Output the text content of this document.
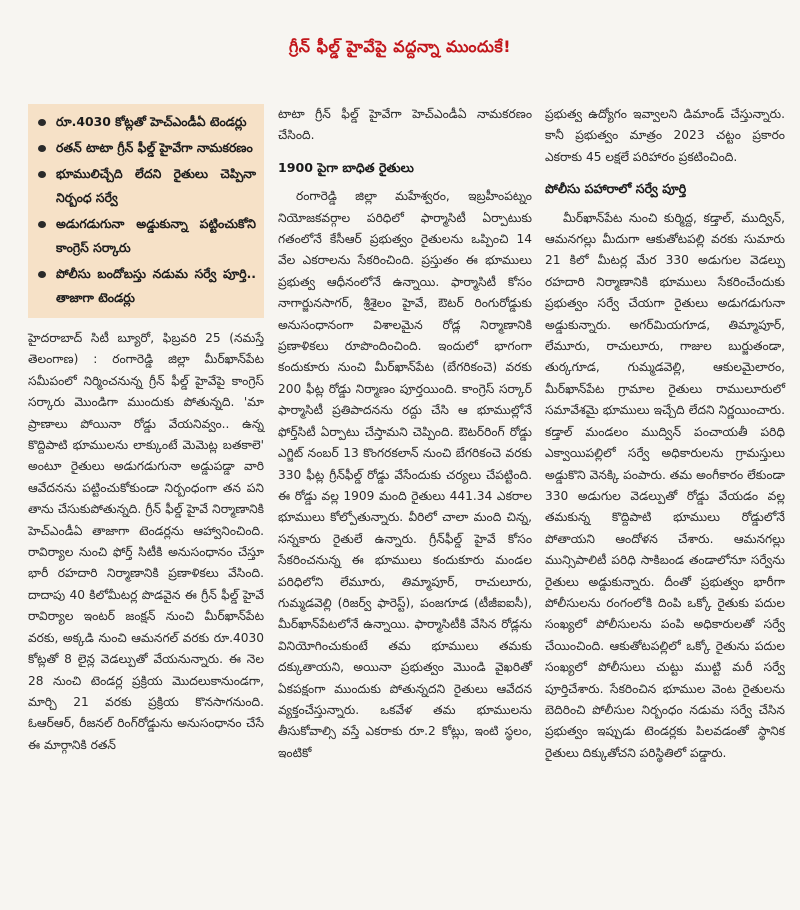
గ్రీన్ ఫీల్డ్ హైవేపై వద్దన్నా ముందుకే!
రూ.4030 కోట్లతో హెచ్ఎండీఏ టెండర్లు
రతన్ టాటా గ్రీన్ ఫీల్డ్ హైవేగా నామకరణం
భూములిచ్చేది లేదని రైతులు చెప్పినా నిర్బంధ సర్వే
అడుగడుగునా అడ్డుకున్నా పట్టించుకోని కాంగ్రెస్ సర్కారు
పోలీసు బందోబస్తు నడుమ సర్వే పూర్తి.. తాజాగా టెండర్లు

హైదరాబాద్ సిటీ బ్యూరో, ఫిబ్రవరి 25 (నమస్తే తెలంగాణ) : రంగారెడ్డి జిల్లా మీర్‌ఖాన్‌పేట సమీపంలో నిర్మించనున్న గ్రీన్ ఫీల్డ్ హైవేపై కాంగ్రెస్ సర్కారు మొండిగా ముందుకు పోతున్నది. 'మా ప్రాణాలు పోయినా రోడ్డు వేయనివ్వం.. ఉన్న కొద్దిపాటి భూములను లాక్కుంటే మెమెట్ల బతకాలె' అంటూ రైతులు అడుగడుగునా అడ్డుపడ్డా వారి ఆవేదనను పట్టించుకోకుండా నిర్బంధంగా తన పని తాను చేసుకుపోతున్నది. గ్రీన్ ఫీల్డ్ హైవే నిర్మాణానికి హెచ్ఎండీఏ తాజాగా టెండర్లను ఆహ్వానించింది. రావిర్యాల నుంచి ఫోర్త్ సిటీకి అనుసంధానం చేస్తూ భారీ రహదారి నిర్మాణానికి ప్రణాళికలు వేసింది. దాదాపు 40 కిలోమీటర్ల పొడవైన ఈ గ్రీన్ ఫీల్డ్ హైవే రావిర్యాల ఇంటర్ జంక్షన్ నుంచి మీర్‌ఖాన్‌పేట వరకు, అక్కడి నుంచి ఆమనగల్ వరకు రూ.4030 కోట్లతో 8 లైన్ల వెడల్పుతో వేయనున్నారు. ఈ నెల 28 నుంచి టెండర్ల ప్రక్రియ మొదలుకానుండగా, మార్చి 21 వరకు ప్రక్రియ కొనసాగనుంది. ఓఆర్ఆర్, రీజనల్ రింగ్‌రోడ్డును అనుసంధానం చేసే ఈ మార్గానికి రతన్

టాటా గ్రీన్ ఫీల్డ్ హైవేగా హెచ్ఎండీఏ నామకరణం చేసింది.

1900 పైగా బాధిత రైతులు

రంగారెడ్డి జిల్లా మహేశ్వరం, ఇబ్రహీంపట్నం నియోజకవర్గాల పరిధిలో ఫార్మాసిటీ ఏర్పాటుకు గతంలోనే కేసీఆర్ ప్రభుత్వం రైతులను ఒప్పించి 14 వేల ఎకరాలను సేకరించింది. ప్రస్తుతం ఈ భూములు ప్రభుత్వ ఆధీనంలోనే ఉన్నాయి. ఫార్మాసిటీ కోసం నాగార్జునసాగర్, శ్రీశైలం హైవే, ఔటర్ రింగురోడ్డుకు అనుసంధానంగా విశాలమైన రోడ్ల నిర్మాణానికి ప్రణాళికలు రూపొందించింది. ఇందులో భాగంగా కందుకూరు నుంచి మీర్‌ఖాన్‌పేట (బేగరికంచె) వరకు 200 ఫీట్ల రోడ్డు నిర్మాణం పూర్తయింది. కాంగ్రెస్ సర్కార్ ఫార్మాసిటీ ప్రతిపాదనను రద్దు చేసి ఆ భూముల్లోనే ఫోర్త్‌సిటీ ఏర్పాటు చేస్తామని చెప్పింది. ఔటర్‌రింగ్ రోడ్డు ఎగ్జిట్ నంబర్ 13 కొంగరకలాన్ నుంచి బేగరికంచె వరకు 330 ఫీట్ల గ్రీన్‌ఫీల్డ్ రోడ్డు వేసేందుకు చర్యలు చేపట్టింది. ఈ రోడ్డు వల్ల 1909 మంది రైతులు 441.34 ఎకరాల భూములు కోల్పోతున్నారు. వీరిలో చాలా మంది చిన్న, సన్నకారు రైతులే ఉన్నారు. గ్రీన్‌ఫీల్డ్ హైవే కోసం సేకరించనున్న ఈ భూములు కందుకూరు మండల పరిధిలోని లేమూరు, తిమ్మాపూర్, రాచులూరు, గుమ్మడవెల్లి (రిజర్వ్ ఫారెస్ట్), పంజగూడ (టీజీఐఐసీ), మీర్‌ఖాన్‌పేటలోనే ఉన్నాయి. ఫార్మాసిటీకి వేసిన రోడ్లను వినియోగించుకుంటే తమ భూములు తమకు దక్కుతాయని, అయినా ప్రభుత్వం మొండి వైఖరితో ఏకపక్షంగా ముందుకు పోతున్నదని రైతులు ఆవేదన వ్యక్తంచేస్తున్నారు. ఒకవేళ తమ భూములను తీసుకోవాల్సి వస్తే ఎకరాకు రూ.2 కోట్లు, ఇంటి స్థలం, ఇంటికో

ప్రభుత్వ ఉద్యోగం ఇవ్వాలని డిమాండ్ చేస్తున్నారు. కానీ ప్రభుత్వం మాత్రం 2023 చట్టం ప్రకారం ఎకరాకు 45 లక్షలే పరిహారం ప్రకటించింది.

పోలీసు పహారాలో సర్వే పూర్తి

మీర్‌ఖాన్‌పేట నుంచి కుర్మిద్ద, కడ్తాల్, ముద్విన్, ఆమనగల్లు మీదుగా ఆకుతోటపల్లి వరకు సుమారు 21 కిలో మీటర్ల మేర 330 అడుగుల వెడల్పు రహదారి నిర్మాణానికి భూములు సేకరించేందుకు ప్రభుత్వం సర్వే చేయగా రైతులు అడుగడుగునా అడ్డుకున్నారు. అగర్‌మియగూడ, తిమ్మాపూర్, లేమూరు, రాచులూరు, గాజుల బుర్జుతండా, తుర్కగూడ, గుమ్మడవెల్లి, ఆకులమైలారం, మీర్‌ఖాన్‌పేట గ్రామాల రైతులు రాములూరులో సమావేశమై భూములు ఇచ్చేది లేదని నిర్ణయించారు. కడ్తాల్ మండలం ముద్విన్ పంచాయతీ పరిధి ఎక్వాయిపల్లిలో సర్వే అధికారులను గ్రామస్తులు అడ్డుకొని వెనక్కి పంపారు. తమ అంగీకారం లేకుండా 330 అడుగుల వెడల్పుతో రోడ్డు వేయడం వల్ల తమకున్న కొద్దిపాటి భూములు రోడ్డులోనే పోతాయని ఆందోళన చేశారు. ఆమనగల్లు మున్సిపాలిటీ పరిధి సాకిబండ తండాలోనూ సర్వేను రైతులు అడ్డుకున్నారు. దీంతో ప్రభుత్వం భారీగా పోలీసులను రంగంలోకి దింపి ఒక్కో రైతుకు పదుల సంఖ్యలో పోలీసులను పంపి అధికారులతో సర్వే చేయించింది. ఆకుతోటపల్లిలో ఒక్కో రైతును పదుల సంఖ్యలో పోలీసులు చుట్టు ముట్టి మరీ సర్వే పూర్తిచేశారు. సేకరించిన భూముల వెంట రైతులను బెదిరించి పోలీసుల నిర్బంధం నడుమ సర్వే చేసిన ప్రభుత్వం ఇప్పుడు టెండర్లకు పిలవడంతో స్థానిక రైతులు దిక్కుతోచని పరిస్థితిలో పడ్డారు.
